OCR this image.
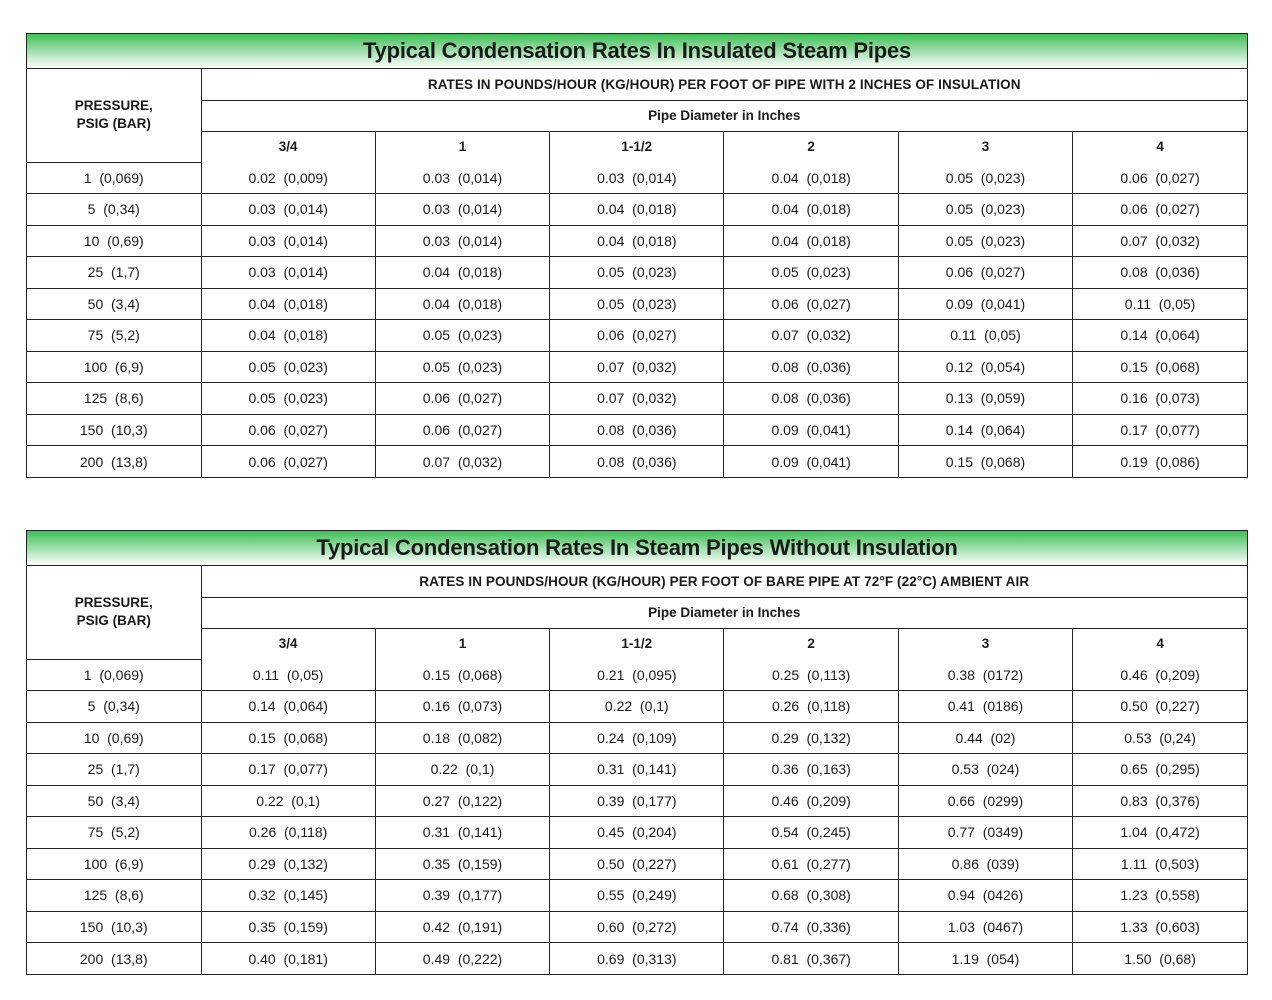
Typical Condensation Rates In Insulated Steam Pipes
PRESSURE,
PSIG (BAR)	RATES IN POUNDS/HOUR (KG/HOUR) PER FOOT OF PIPE WITH 2 INCHES OF INSULATION					
	Pipe Diameter in Inches					
	3/4	1	1-1/2	2	3	4
1  (0,069)	0.02  (0,009)	0.03  (0,014)	0.03  (0,014)	0.04  (0,018)	0.05  (0,023)	0.06  (0,027)
5  (0,34)	0.03  (0,014)	0.03  (0,014)	0.04  (0,018)	0.04  (0,018)	0.05  (0,023)	0.06  (0,027)
10  (0,69)	0.03  (0,014)	0.03  (0,014)	0.04  (0,018)	0.04  (0,018)	0.05  (0,023)	0.07  (0,032)
25  (1,7)	0.03  (0,014)	0.04  (0,018)	0.05  (0,023)	0.05  (0,023)	0.06  (0,027)	0.08  (0,036)
50  (3,4)	0.04  (0,018)	0.04  (0,018)	0.05  (0,023)	0.06  (0,027)	0.09  (0,041)	0.11  (0,05)
75  (5,2)	0.04  (0,018)	0.05  (0,023)	0.06  (0,027)	0.07  (0,032)	0.11  (0,05)	0.14  (0,064)
100  (6,9)	0.05  (0,023)	0.05  (0,023)	0.07  (0,032)	0.08  (0,036)	0.12  (0,054)	0.15  (0,068)
125  (8,6)	0.05  (0,023)	0.06  (0,027)	0.07  (0,032)	0.08  (0,036)	0.13  (0,059)	0.16  (0,073)
150  (10,3)	0.06  (0,027)	0.06  (0,027)	0.08  (0,036)	0.09  (0,041)	0.14  (0,064)	0.17  (0,077)
200  (13,8)	0.06  (0,027)	0.07  (0,032)	0.08  (0,036)	0.09  (0,041)	0.15  (0,068)	0.19  (0,086)
Typical Condensation Rates In Steam Pipes Without Insulation
PRESSURE,
PSIG (BAR)	RATES IN POUNDS/HOUR (KG/HOUR) PER FOOT OF BARE PIPE AT 72°F (22°C) AMBIENT AIR					
	Pipe Diameter in Inches					
	3/4	1	1-1/2	2	3	4
1  (0,069)	0.11  (0,05)	0.15  (0,068)	0.21  (0,095)	0.25  (0,113)	0.38  (0172)	0.46  (0,209)
5  (0,34)	0.14  (0,064)	0.16  (0,073)	0.22  (0,1)	0.26  (0,118)	0.41  (0186)	0.50  (0,227)
10  (0,69)	0.15  (0,068)	0.18  (0,082)	0.24  (0,109)	0.29  (0,132)	0.44  (02)	0.53  (0,24)
25  (1,7)	0.17  (0,077)	0.22  (0,1)	0.31  (0,141)	0.36  (0,163)	0.53  (024)	0.65  (0,295)
50  (3,4)	0.22  (0,1)	0.27  (0,122)	0.39  (0,177)	0.46  (0,209)	0.66  (0299)	0.83  (0,376)
75  (5,2)	0.26  (0,118)	0.31  (0,141)	0.45  (0,204)	0.54  (0,245)	0.77  (0349)	1.04  (0,472)
100  (6,9)	0.29  (0,132)	0.35  (0,159)	0.50  (0,227)	0.61  (0,277)	0.86  (039)	1.11  (0,503)
125  (8,6)	0.32  (0,145)	0.39  (0,177)	0.55  (0,249)	0.68  (0,308)	0.94  (0426)	1.23  (0,558)
150  (10,3)	0.35  (0,159)	0.42  (0,191)	0.60  (0,272)	0.74  (0,336)	1.03  (0467)	1.33  (0,603)
200  (13,8)	0.40  (0,181)	0.49  (0,222)	0.69  (0,313)	0.81  (0,367)	1.19  (054)	1.50  (0,68)
